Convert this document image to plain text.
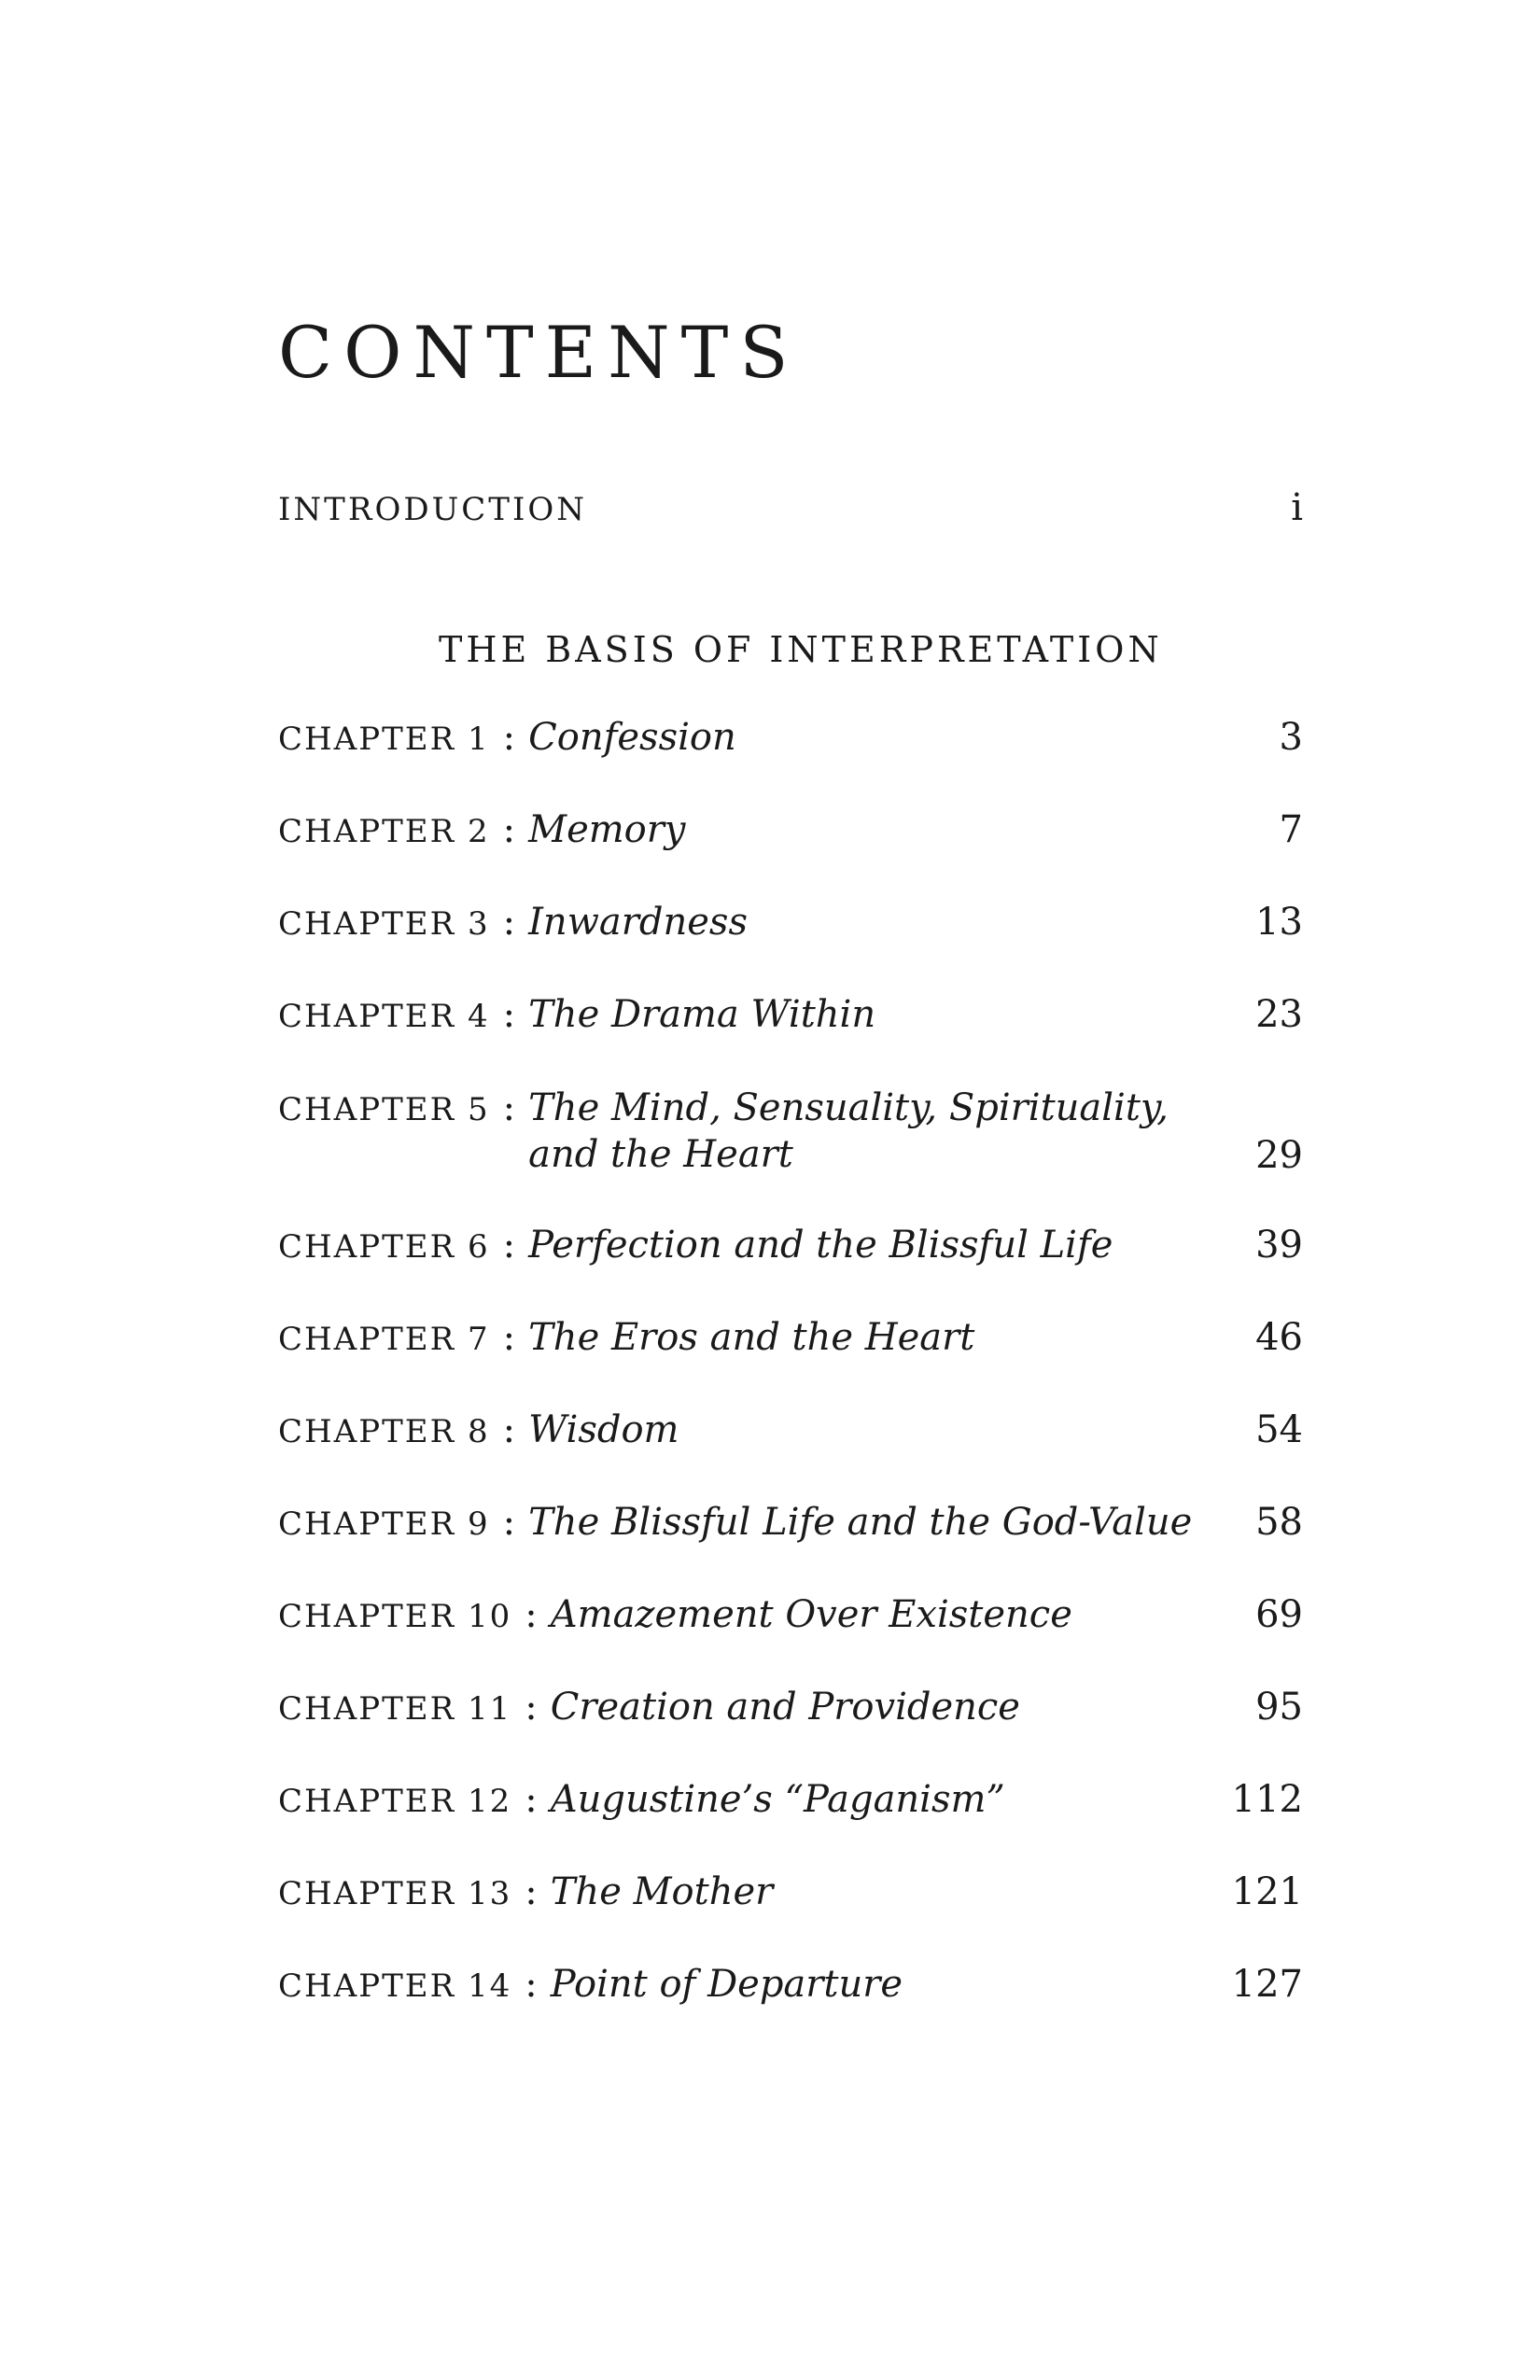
CONTENTS
INTRODUCTION	i
THE BASIS OF INTERPRETATION
CHAPTER 1 : Confession	3
CHAPTER 2 : Memory	7
CHAPTER 3 : Inwardness	13
CHAPTER 4 : The Drama Within	23
CHAPTER 5 : The Mind, Sensuality, Spirituality,
and the Heart	29
CHAPTER 6 : Perfection and the Blissful Life	39
CHAPTER 7 : The Eros and the Heart	46
CHAPTER 8 : Wisdom	54
CHAPTER 9 : The Blissful Life and the God-Value	58
CHAPTER 10 : Amazement Over Existence	69
CHAPTER 11 : Creation and Providence	95
CHAPTER 12 : Augustine’s “Paganism”	112
CHAPTER 13 : The Mother	121
CHAPTER 14 : Point of Departure	127
